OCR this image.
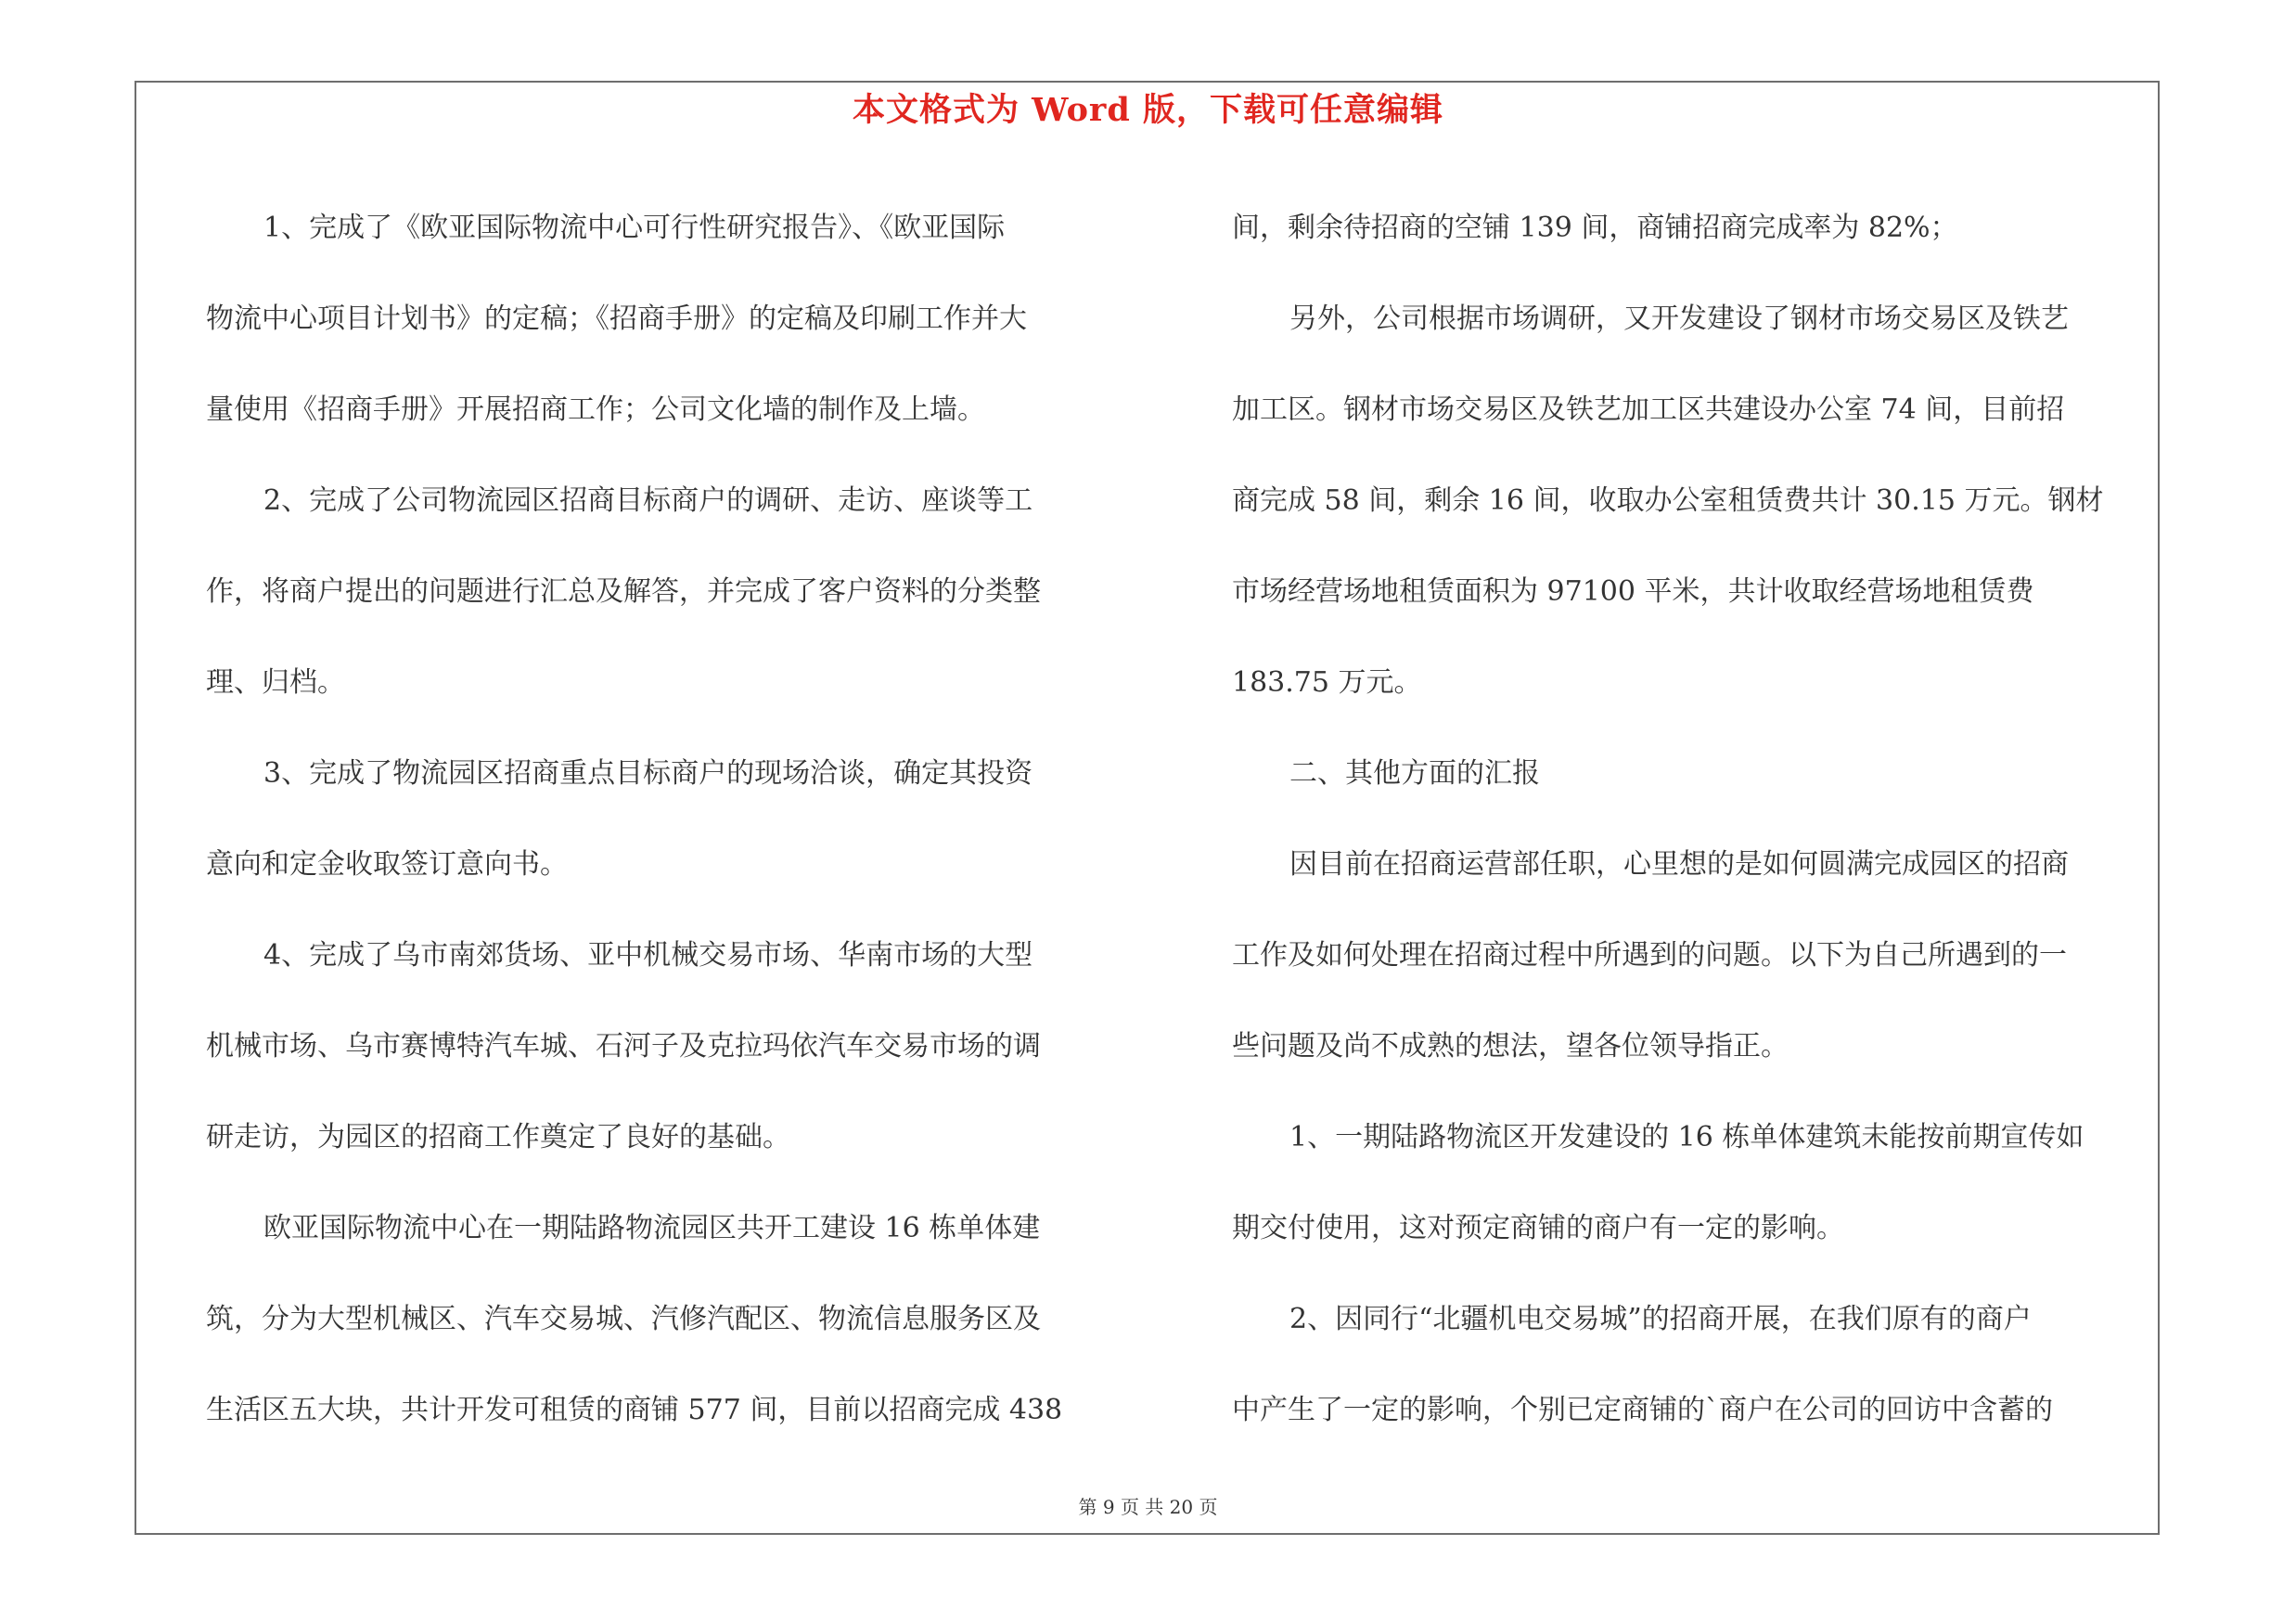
本文格式为 Word 版，下载可任意编辑
1、完成了《欧亚国际物流中心可行性研究报告》、《欧亚国际
物流中心项目计划书》的定稿；《招商手册》的定稿及印刷工作并大
量使用《招商手册》开展招商工作；公司文化墙的制作及上墙。
2、完成了公司物流园区招商目标商户的调研、走访、座谈等工
作，将商户提出的问题进行汇总及解答，并完成了客户资料的分类整
理、归档。
3、完成了物流园区招商重点目标商户的现场洽谈，确定其投资
意向和定金收取签订意向书。
4、完成了乌市南郊货场、亚中机械交易市场、华南市场的大型
机械市场、乌市赛博特汽车城、石河子及克拉玛依汽车交易市场的调
研走访，为园区的招商工作奠定了良好的基础。
欧亚国际物流中心在一期陆路物流园区共开工建设 16 栋单体建
筑，分为大型机械区、汽车交易城、汽修汽配区、物流信息服务区及
生活区五大块，共计开发可租赁的商铺 577 间，目前以招商完成 438
间，剩余待招商的空铺 139 间，商铺招商完成率为 82%；
另外，公司根据市场调研，又开发建设了钢材市场交易区及铁艺
加工区。钢材市场交易区及铁艺加工区共建设办公室 74 间，目前招
商完成 58 间，剩余 16 间，收取办公室租赁费共计 30.15 万元。钢材
市场经营场地租赁面积为 97100 平米，共计收取经营场地租赁费
183.75 万元。
二、其他方面的汇报
因目前在招商运营部任职，心里想的是如何圆满完成园区的招商
工作及如何处理在招商过程中所遇到的问题。以下为自己所遇到的一
些问题及尚不成熟的想法，望各位领导指正。
1、一期陆路物流区开发建设的 16 栋单体建筑未能按前期宣传如
期交付使用，这对预定商铺的商户有一定的影响。
2、因同行“北疆机电交易城”的招商开展，在我们原有的商户
中产生了一定的影响，个别已定商铺的`商户在公司的回访中含蓄的
第 9 页 共 20 页
